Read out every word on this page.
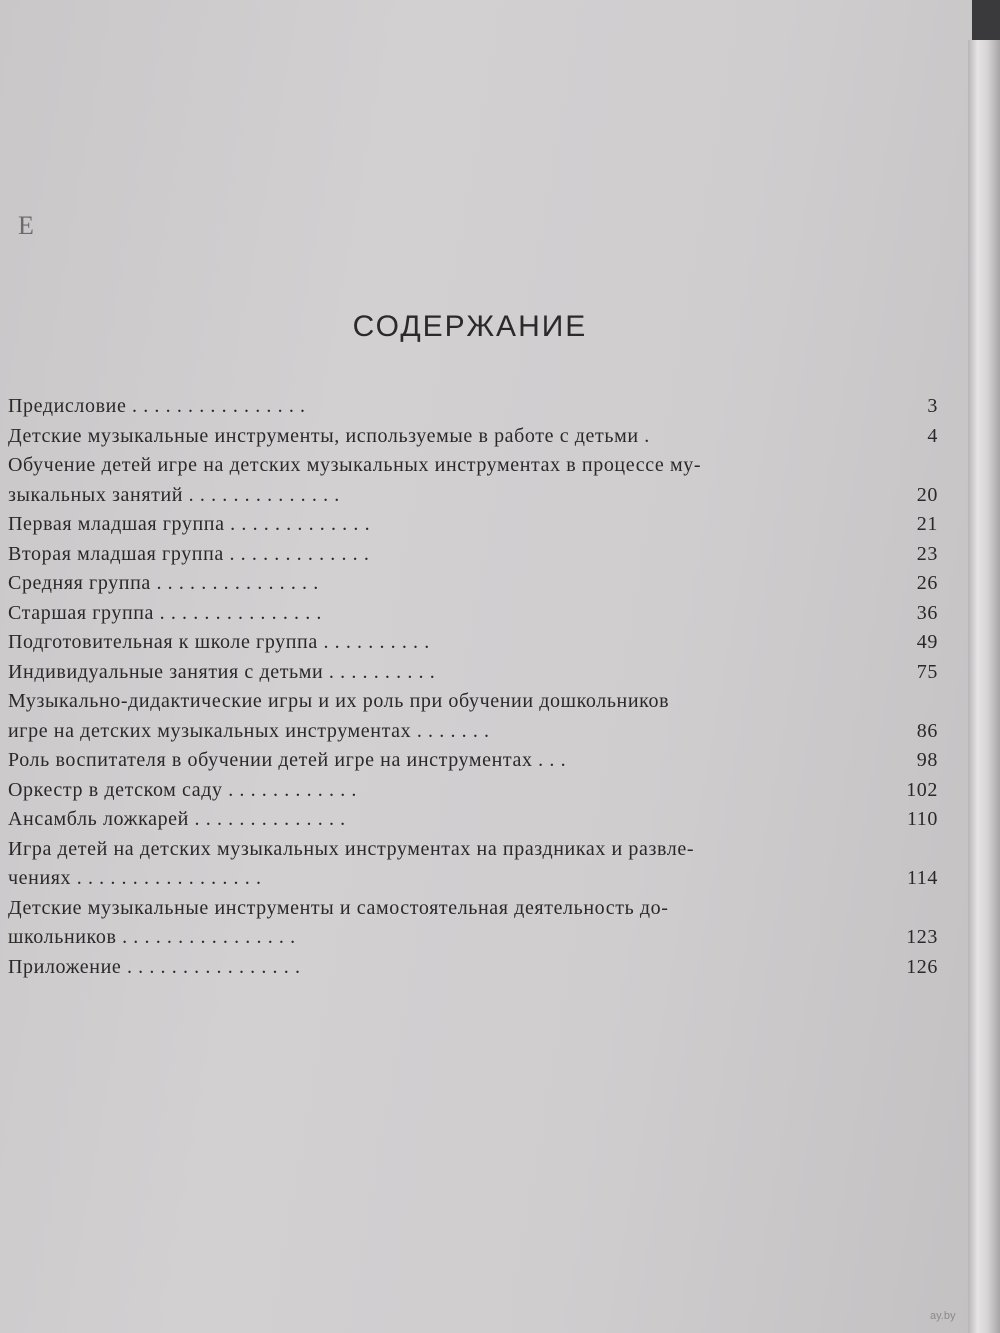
E
СОДЕРЖАНИЕ
Предисловие . . . . . . . . . . . . . . . .	3
Детские музыкальные инструменты, используемые в работе с детьми .	4
Обучение детей игре на детских музыкальных инструментах в процессе му-
зыкальных занятий . . . . . . . . . . . . . .	20
Первая младшая группа . . . . . . . . . . . . .	21
Вторая младшая группа . . . . . . . . . . . . .	23
Средняя группа . . . . . . . . . . . . . . .	26
Старшая группа . . . . . . . . . . . . . . .	36
Подготовительная к школе группа . . . . . . . . . .	49
Индивидуальные занятия с детьми . . . . . . . . . .	75
Музыкально-дидактические игры и их роль при обучении дошкольников
игре на детских музыкальных инструментах . . . . . . .	86
Роль воспитателя в обучении детей игре на инструментах . . .	98
Оркестр в детском саду . . . . . . . . . . . .	102
Ансамбль ложкарей . . . . . . . . . . . . . .	110
Игра детей на детских музыкальных инструментах на праздниках и развле-
чениях . . . . . . . . . . . . . . . . .	114
Детские музыкальные инструменты и самостоятельная деятельность до-
школьников . . . . . . . . . . . . . . . .	123
Приложение . . . . . . . . . . . . . . . .	126
ay.by
